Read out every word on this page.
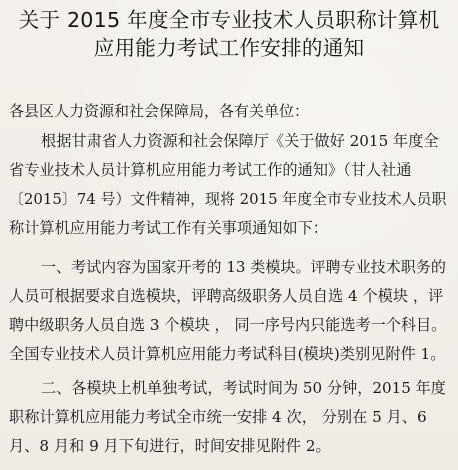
关于 2015 年度全市专业技术人员职称计算机
应用能力考试工作安排的通知
各县区人力资源和社会保障局，各有关单位：
根据甘肃省人力资源和社会保障厅《关于做好 2015 年度全
省专业技术人员计算机应用能力考试工作的通知》（甘人社通
〔2015〕74 号）文件精神，现将 2015 年度全市专业技术人员职
称计算机应用能力考试工作有关事项通知如下：
一、考试内容为国家开考的 13 类模块。评聘专业技术职务的
人员可根据要求自选模块，评聘高级职务人员自选 4 个模块 ，评
聘中级职务人员自选 3 个模块 ， 同一序号内只能选考一个科目。
全国专业技术人员计算机应用能力考试科目(模块)类别见附件 1。
二、各模块上机单独考试，考试时间为 50 分钟，2015 年度
职称计算机应用能力考试全市统一安排 4 次， 分别在 5 月、6
月、8 月和 9 月下旬进行，时间安排见附件 2。
